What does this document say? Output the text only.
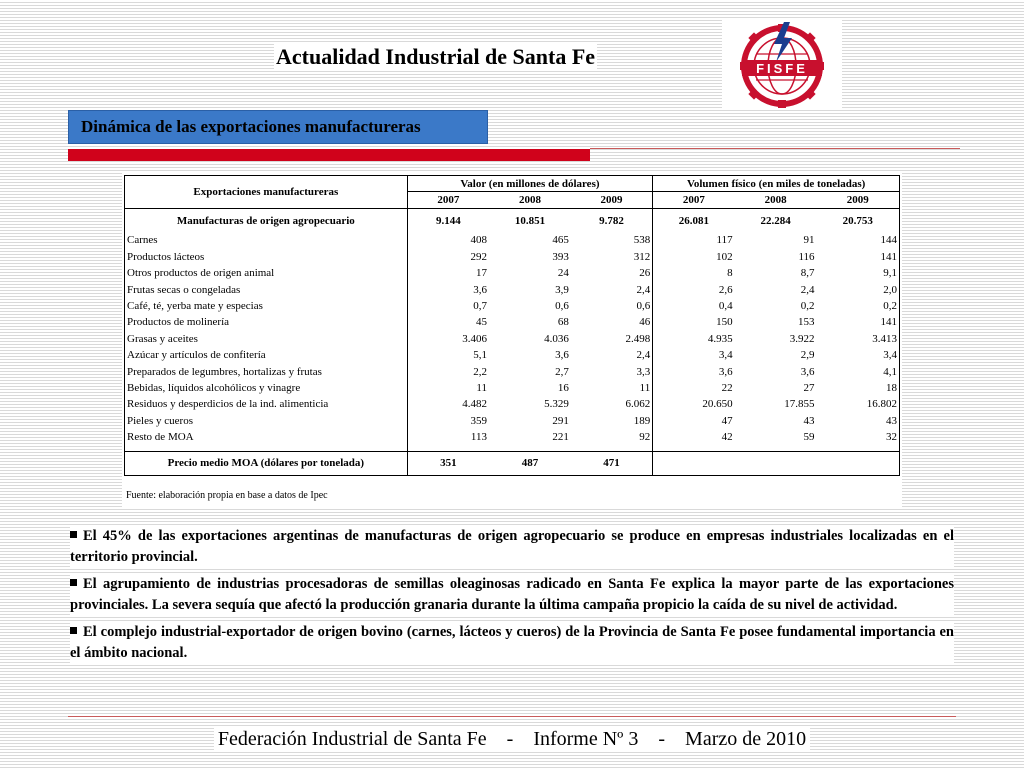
Actualidad Industrial de Santa Fe	FISFE
Dinámica de las exportaciones manufactureras
Exportaciones manufactureras	Valor (en millones de dólares)			Volumen físico (en miles de toneladas)		
	2007	2008	2009	2007	2008	2009
Manufacturas de origen agropecuario	9.144	10.851	9.782	26.081	22.284	20.753
Carnes	408	465	538	117	91	144
Productos lácteos	292	393	312	102	116	141
Otros productos de origen animal	17	24	26	8	8,7	9,1
Frutas secas o congeladas	3,6	3,9	2,4	2,6	2,4	2,0
Café, té, yerba mate y especias	0,7	0,6	0,6	0,4	0,2	0,2
Productos de molinería	45	68	46	150	153	141
Grasas y aceites	3.406	4.036	2.498	4.935	3.922	3.413
Azúcar y artículos de confitería	5,1	3,6	2,4	3,4	2,9	3,4
Preparados de legumbres, hortalizas y frutas	2,2	2,7	3,3	3,6	3,6	4,1
Bebidas, líquidos alcohólicos y vinagre	11	16	11	22	27	18
Residuos y desperdicios de la ind. alimenticia	4.482	5.329	6.062	20.650	17.855	16.802
Pieles y cueros	359	291	189	47	43	43
Resto de MOA	113	221	92	42	59	32

Precio medio MOA (dólares por tonelada)	351	487	471			
Fuente: elaboración propia en base a datos de Ipec

El 45% de las exportaciones argentinas de manufacturas de origen agropecuario se produce en empresas industriales localizadas en el territorio provincial.

El agrupamiento de industrias procesadoras de semillas oleaginosas radicado en Santa Fe explica la mayor parte de las exportaciones provinciales. La severa sequía que afectó la producción granaria durante la última campaña propicio la caída de su nivel de actividad.

El complejo industrial-exportador de origen bovino (carnes, lácteos y cueros) de la Provincia de Santa Fe posee fundamental importancia en el ámbito nacional.

Federación Industrial de Santa Fe    -    Informe Nº 3    -    Marzo de 2010
